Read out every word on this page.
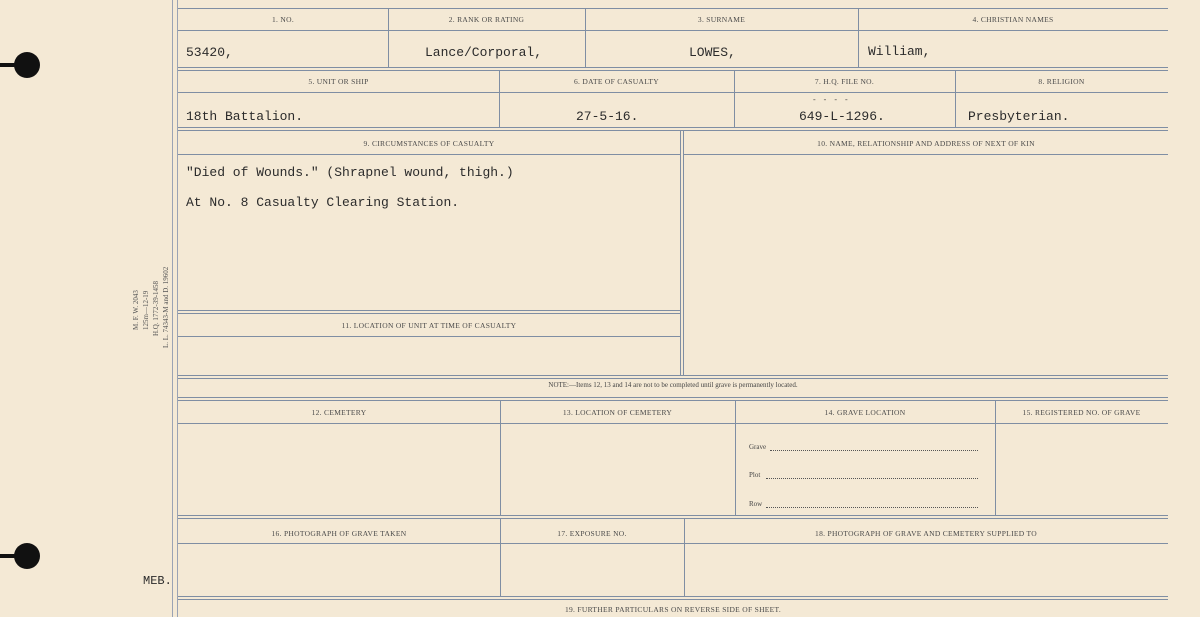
M. F. W. 2043 125m—12-19 H.Q. 1772-39-1458 L. L. 74343-M and D. 19602
MEB.
1. NO.	2. RANK OR RATING	3. SURNAME	4. CHRISTIAN NAMES
53420,	Lance/Corporal,	LOWES,	William,
5. UNIT OR SHIP	6. DATE OF CASUALTY	7. H.Q. FILE NO.	8. RELIGION
- - - -
18th Battalion.	27-5-16.	649-L-1296.	Presbyterian.
9. CIRCUMSTANCES OF CASUALTY	10. NAME, RELATIONSHIP AND ADDRESS OF NEXT OF KIN
"Died of Wounds." (Shrapnel wound, thigh.)
At No. 8 Casualty Clearing Station.
11. LOCATION OF UNIT AT TIME OF CASUALTY
NOTE:—Items 12, 13 and 14 are not to be completed until grave is permanently located.
12. CEMETERY	13. LOCATION OF CEMETERY	14. GRAVE LOCATION	15. REGISTERED NO. OF GRAVE
Grave
Plot
Row
16. PHOTOGRAPH OF GRAVE TAKEN	17. EXPOSURE NO.	18. PHOTOGRAPH OF GRAVE AND CEMETERY SUPPLIED TO
19. FURTHER PARTICULARS ON REVERSE SIDE OF SHEET.
